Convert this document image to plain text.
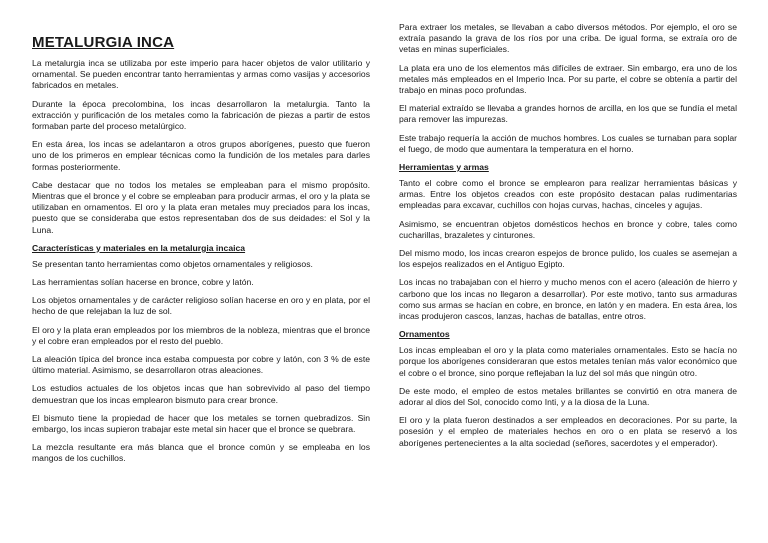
METALURGIA INCA

La metalurgia inca se utilizaba por este imperio para hacer objetos de valor utilitario y ornamental. Se pueden encontrar tanto herramientas y armas como vasijas y accesorios fabricados en metales.

Durante la época precolombina, los incas desarrollaron la metalurgia. Tanto la extracción y purificación de los metales como la fabricación de piezas a partir de estos formaban parte del proceso metalúrgico.

En esta área, los incas se adelantaron a otros grupos aborígenes, puesto que fueron uno de los primeros en emplear técnicas como la fundición de los metales para darles formas posteriormente.

Cabe destacar que no todos los metales se empleaban para el mismo propósito. Mientras que el bronce y el cobre se empleaban para producir armas, el oro y la plata se utilizaban en ornamentos. El oro y la plata eran metales muy preciados para los incas, puesto que se consideraba que estos representaban dos de sus deidades: el Sol y la Luna.

Características y materiales en la metalurgia incaica

Se presentan tanto herramientas como objetos ornamentales y religiosos.

Las herramientas solían hacerse en bronce, cobre y latón.

Los objetos ornamentales y de carácter religioso solían hacerse en oro y en plata, por el hecho de que relejaban la luz de sol.

El oro y la plata eran empleados por los miembros de la nobleza, mientras que el bronce y el cobre eran empleados por el resto del pueblo.

La aleación típica del bronce inca estaba compuesta por cobre y latón, con 3 % de este último material. Asimismo, se desarrollaron otras aleaciones.

Los estudios actuales de los objetos incas que han sobrevivido al paso del tiempo demuestran que los incas emplearon bismuto para crear bronce.

El bismuto tiene la propiedad de hacer que los metales se tornen quebradizos. Sin embargo, los incas supieron trabajar este metal sin hacer que el bronce se quebrara.

La mezcla resultante era más blanca que el bronce común y se empleaba en los mangos de los cuchillos.

Para extraer los metales, se llevaban a cabo diversos métodos. Por ejemplo, el oro se extraía pasando la grava de los ríos por una criba. De igual forma, se extraía oro de vetas en minas superficiales.

La plata era uno de los elementos más difíciles de extraer. Sin embargo, era uno de los metales más empleados en el Imperio Inca. Por su parte, el cobre se obtenía a partir del trabajo en minas poco profundas.

El material extraído se llevaba a grandes hornos de arcilla, en los que se fundía el metal para remover las impurezas.

Este trabajo requería la acción de muchos hombres. Los cuales se turnaban para soplar el fuego, de modo que aumentara la temperatura en el horno.

Herramientas y armas

Tanto el cobre como el bronce se emplearon para realizar herramientas básicas y armas. Entre los objetos creados con este propósito destacan palas rudimentarias empleadas para excavar, cuchillos con hojas curvas, hachas, cinceles y agujas.

Asimismo, se encuentran objetos domésticos hechos en bronce y cobre, tales como cucharillas, brazaletes y cinturones.

Del mismo modo, los incas crearon espejos de bronce pulido, los cuales se asemejan a los espejos realizados en el Antiguo Egipto.

Los incas no trabajaban con el hierro y mucho menos con el acero (aleación de hierro y carbono que los incas no llegaron a desarrollar). Por este motivo, tanto sus armaduras como sus armas se hacían en cobre, en bronce, en latón y en madera. En esta área, los incas produjeron cascos, lanzas, hachas de batallas, entre otros.

Ornamentos

Los incas empleaban el oro y la plata como materiales ornamentales. Esto se hacía no porque los aborígenes consideraran que estos metales tenían más valor económico que el cobre o el bronce, sino porque reflejaban la luz del sol más que ningún otro.

De este modo, el empleo de estos metales brillantes se convirtió en otra manera de adorar al dios del Sol, conocido como Inti, y a la diosa de la Luna.

El oro y la plata fueron destinados a ser empleados en decoraciones. Por su parte, la posesión y el empleo de materiales hechos en oro o en plata se reservó a los aborígenes pertenecientes a la alta sociedad (señores, sacerdotes y el emperador).
